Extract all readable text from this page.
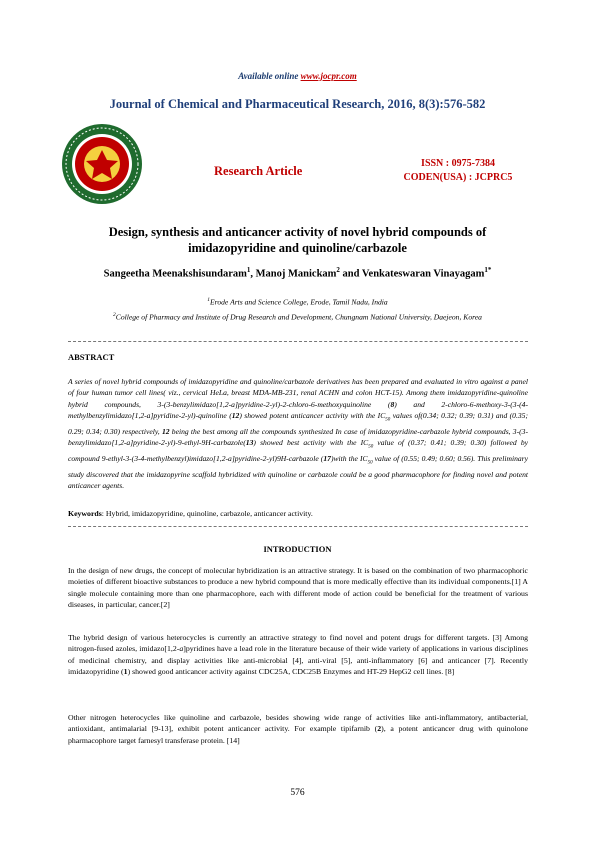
Available online www.jocpr.com
Journal of Chemical and Pharmaceutical Research, 2016, 8(3):576-582
Research Article
ISSN : 0975-7384
CODEN(USA) : JCPRC5
Design, synthesis and anticancer activity of novel hybrid compounds of
imidazopyridine and quinoline/carbazole
Sangeetha Meenakshisundaram$^1$, Manoj Manickam$^2$ and Venkateswaran Vinayagam$^{1*}$
$^1$Erode Arts and Science College, Erode, Tamil Nadu, India
$^2$College of Pharmacy and Institute of Drug Research and Development, Chungnam National University, Daejeon, Korea
ABSTRACT
A series of novel hybrid compounds of imidazopyridine and quinoline/carbazole derivatives has been prepared and evaluated in vitro against a panel of four human tumor cell lines( viz., cervical HeLa, breast MDA-MB-231, renal ACHN and colon HCT-15). Among them imidazopyridine-quinoline hybrid compounds, 3-(3-benzylimidazo[1,2-a]pyridine-2-yl)-2-chloro-6-methoxyquinoline (8) and 2-chloro-6-methoxy-3-(3-(4-methylbenzylimidazo[1,2-a]pyridine-2-yl)-quinoline (12) showed potent anticancer activity with the $IC_{50}$ values of(0.34; 0.32; 0.39; 0.31) and (0.35; 0.29; 0.34; 0.30) respectively, 12 being the best among all the compounds synthesized In case of imidazopyridine-carbazole hybrid compounds, 3-(3-benzylimidazo[1,2-a]pyridine-2-yl)-9-ethyl-9H-carbazole(13) showed best activity with the $IC_{50}$ value of (0.37; 0.41; 0.39; 0.30) followed by compound 9-ethyl-3-(3-4-methylbenzyl)imidazo[1,2-a]pyridine-2-yl)9H-carbazole (17)with the $IC_{50}$ value of (0.55; 0.49; 0.60; 0.56). This preliminary study discovered that the imidazopyrine scaffold hybridized with quinoline or carbazole could be a good pharmacophore for finding novel and potent anticancer agents.
Keywords: Hybrid, imidazopyridine, quinoline, carbazole, anticancer activity.
INTRODUCTION
In the design of new drugs, the concept of molecular hybridization is an attractive strategy. It is based on the combination of two pharmacophoric moieties of different bioactive substances to produce a new hybrid compound that is more medically effective than its individual components.[1] A single molecule containing more than one pharmacophore, each with different mode of action could be beneficial for the treatment of various diseases, in particular, cancer.[2]
The hybrid design of various heterocycles is currently an attractive strategy to find novel and potent drugs for different targets. [3] Among nitrogen-fused azoles, imidazo[1,2-a]pyridines have a lead role in the literature because of their wide variety of applications in various disciplines of medicinal chemistry, and display activities like anti-microbial [4], anti-viral [5], anti-inflammatory [6] and anticancer [7]. Recently imidazopyridine (1) showed good anticancer activity against CDC25A, CDC25B Enzymes and HT-29 HepG2 cell lines. [8]
Other nitrogen heterocycles like quinoline and carbazole, besides showing wide range of activities like anti-inflammatory, antibacterial, antioxidant, antimalarial [9-13], exhibit potent anticancer activity. For example tipifarnib (2), a potent anticancer drug with quinolone pharmacophore target farnesyl transferase protein. [14]
576
